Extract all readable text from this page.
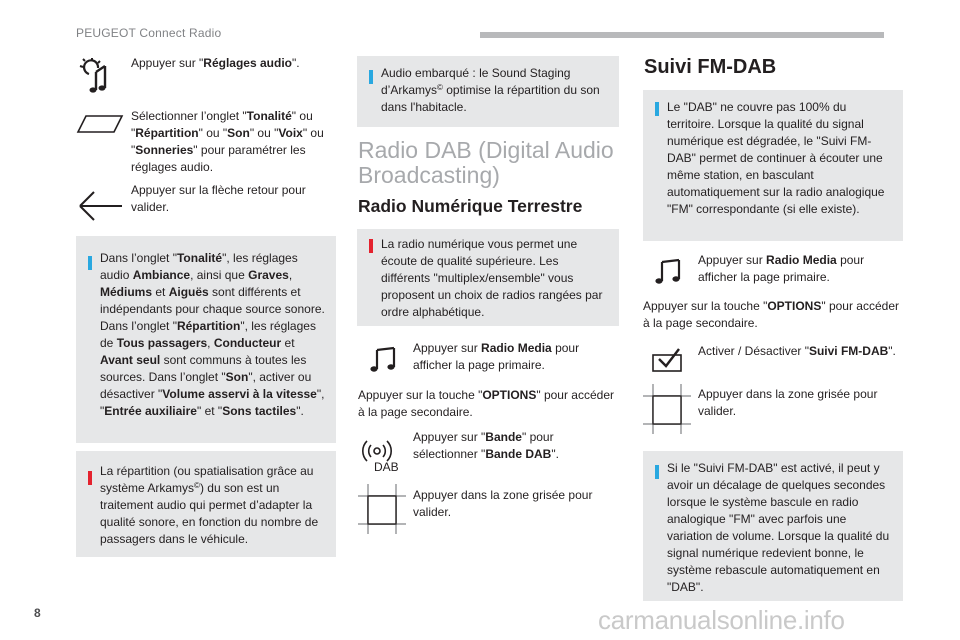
PEUGEOT Connect Radio
Appuyer sur "Réglages audio".
Sélectionner l’onglet "Tonalité" ou "Répartition" ou "Son" ou "Voix" ou "Sonneries" pour paramétrer les réglages audio.
Appuyer sur la flèche retour pour valider.
Dans l’onglet "Tonalité", les réglages audio Ambiance, ainsi que Graves, Médiums et Aiguës sont différents et indépendants pour chaque source sonore. Dans l’onglet "Répartition", les réglages de Tous passagers, Conducteur et Avant seul sont communs à toutes les sources. Dans l’onglet "Son", activer ou désactiver "Volume asservi à la vitesse", "Entrée auxiliaire" et "Sons tactiles".
La répartition (ou spatialisation grâce au système Arkamys©) du son est un traitement audio qui permet d’adapter la qualité sonore, en fonction du nombre de passagers dans le véhicule.
Audio embarqué : le Sound Staging d’Arkamys© optimise la répartition du son dans l'habitacle.
Radio DAB (Digital Audio Broadcasting)
Radio Numérique Terrestre
La radio numérique vous permet une écoute de qualité supérieure. Les différents "multiplex/ensemble" vous proposent un choix de radios rangées par ordre alphabétique.
Appuyer sur Radio Media pour afficher la page primaire.
Appuyer sur la touche "OPTIONS" pour accéder à la page secondaire.
DAB
Appuyer sur "Bande" pour sélectionner "Bande DAB".
Appuyer dans la zone grisée pour valider.
Suivi FM-DAB
Le "DAB" ne couvre pas 100% du territoire. Lorsque la qualité du signal numérique est dégradée, le "Suivi FM-DAB" permet de continuer à écouter une même station, en basculant automatiquement sur la radio analogique "FM" correspondante (si elle existe).
Appuyer sur Radio Media pour afficher la page primaire.
Appuyer sur la touche "OPTIONS" pour accéder à la page secondaire.
Activer / Désactiver "Suivi FM-DAB".
Appuyer dans la zone grisée pour valider.
Si le "Suivi FM-DAB" est activé, il peut y avoir un décalage de quelques secondes lorsque le système bascule en radio analogique "FM" avec parfois une variation de volume. Lorsque la qualité du signal numérique redevient bonne, le système rebascule automatiquement en "DAB".
8	carmanualsonline.info
